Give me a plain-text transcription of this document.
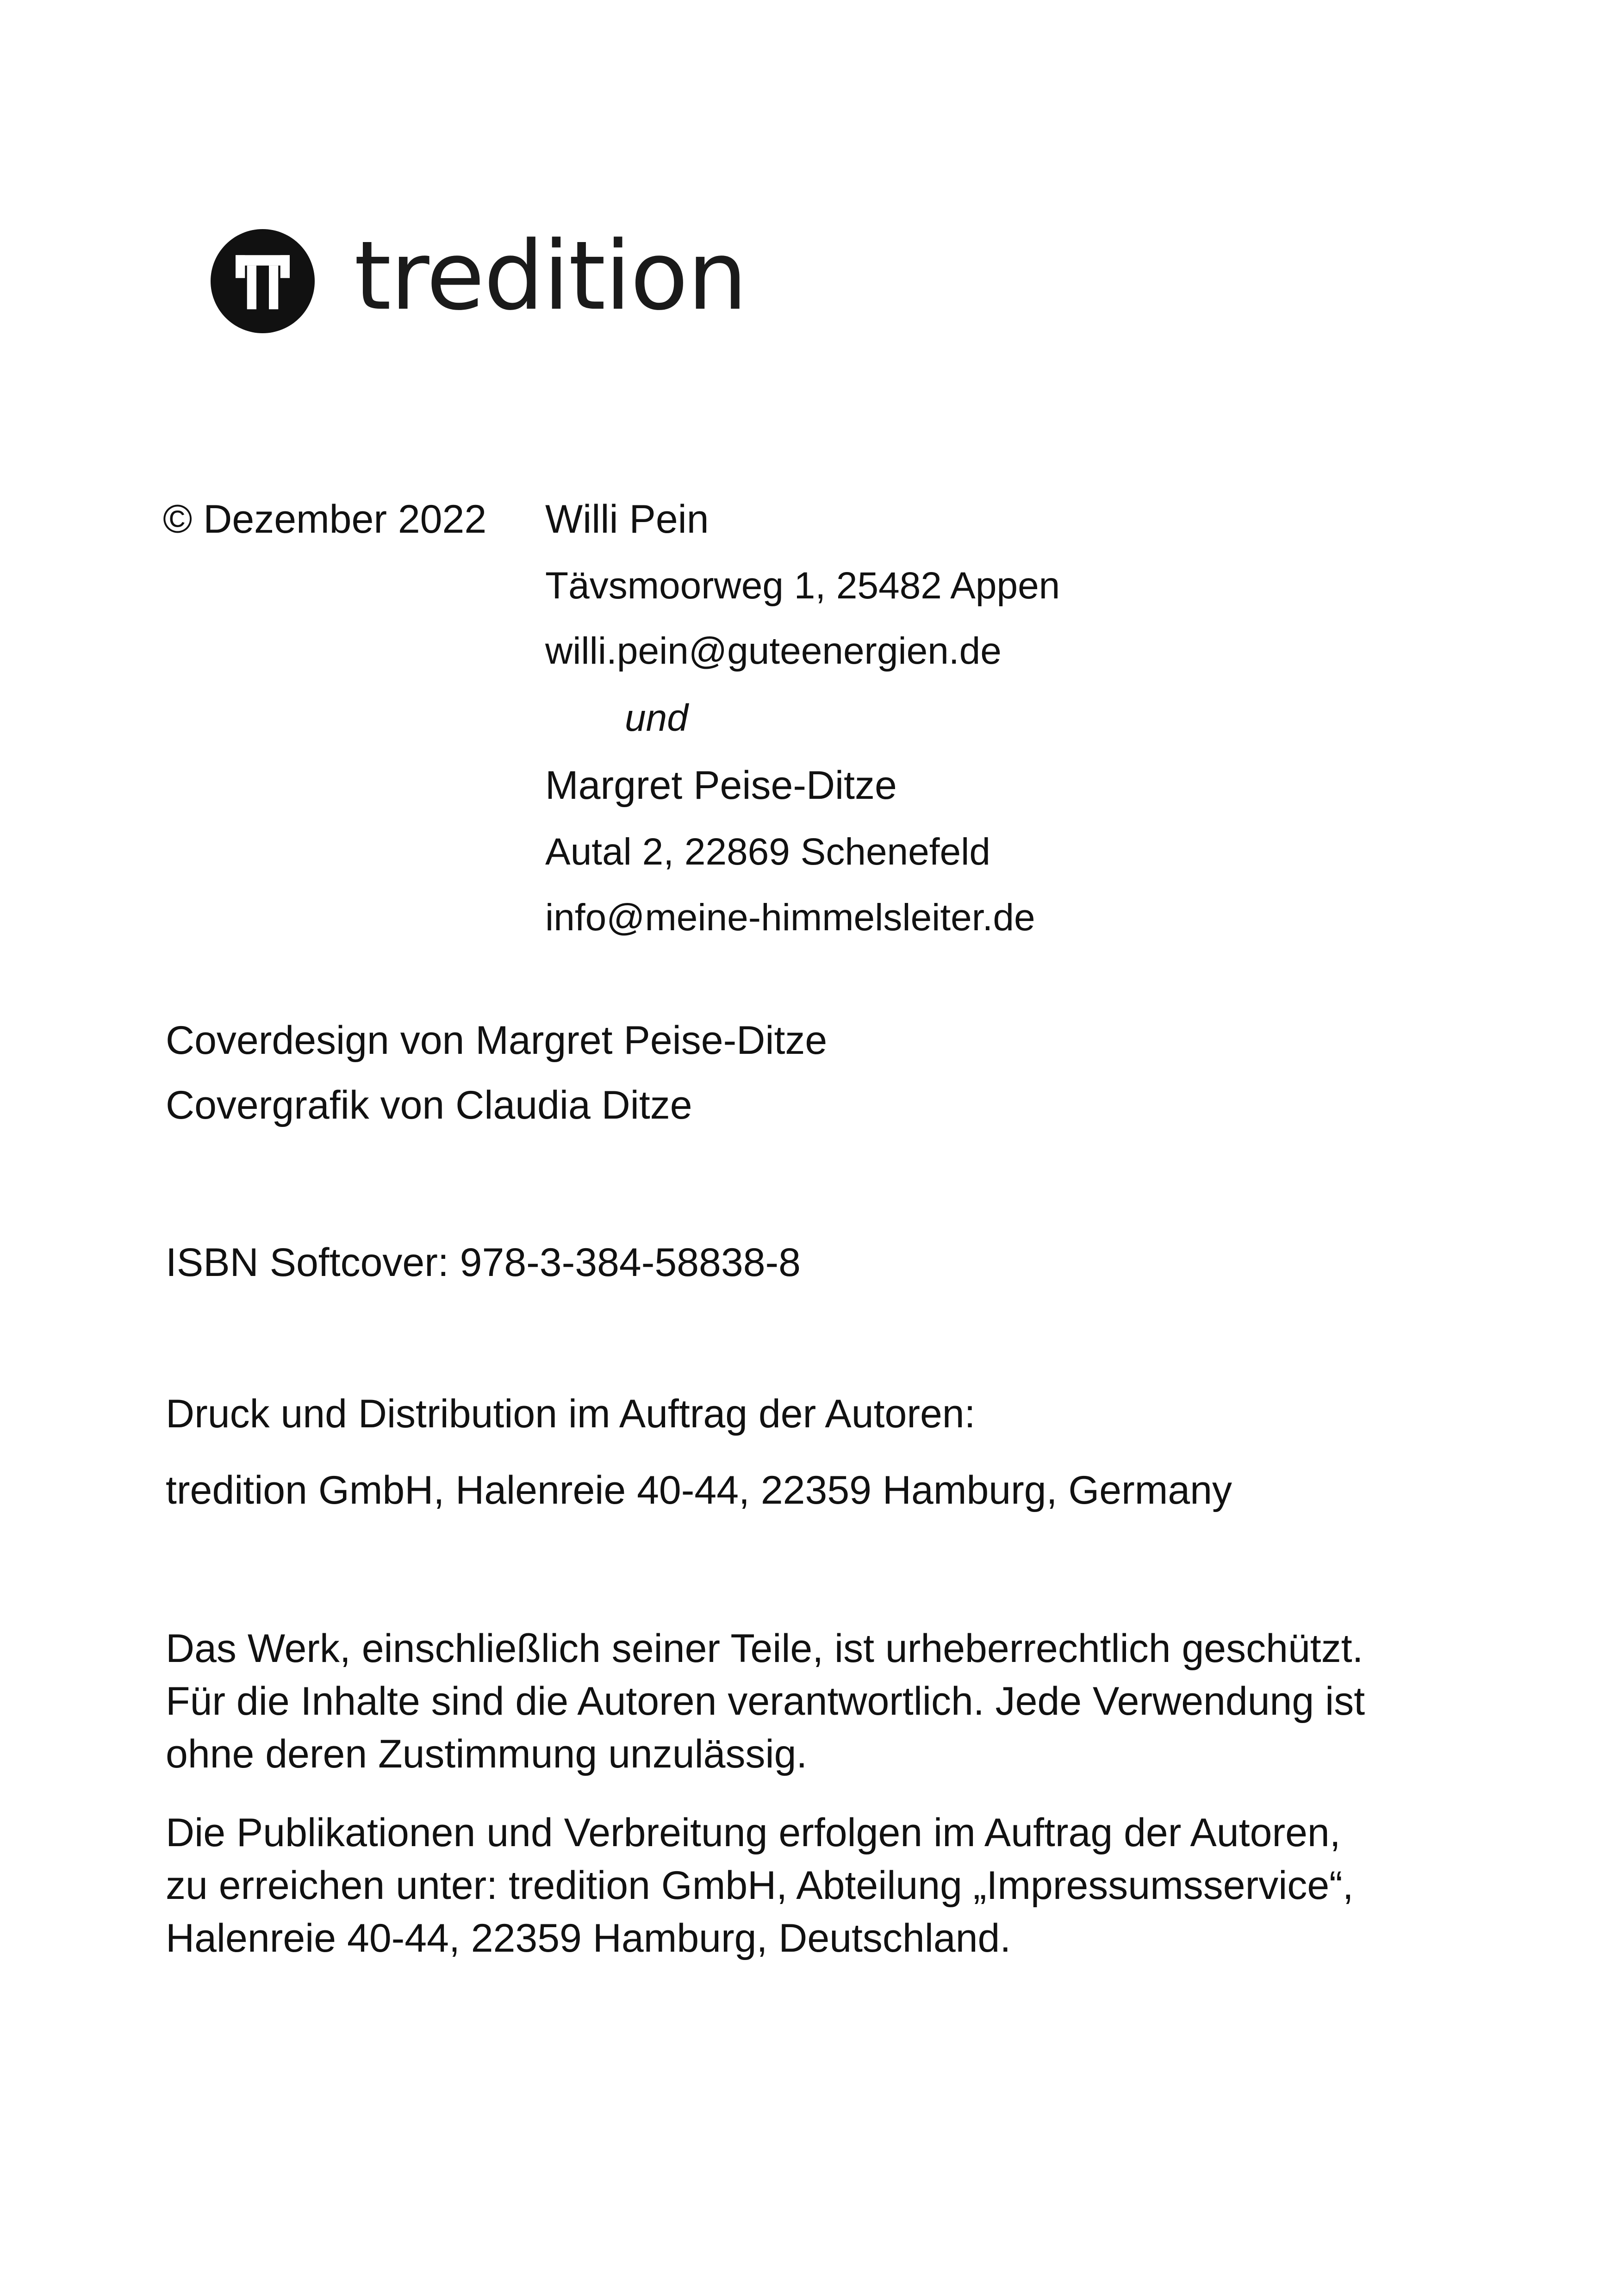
tredition
© Dezember 2022 Willi Pein
Tävsmoorweg 1, 25482 Appen
willi.pein@guteenergien.de
und
Margret Peise-Ditze
Autal 2, 22869 Schenefeld
info@meine-himmelsleiter.de
Coverdesign von Margret Peise-Ditze
Covergrafik von Claudia Ditze
ISBN Softcover: 978-3-384-58838-8
Druck und Distribution im Auftrag der Autoren:
tredition GmbH, Halenreie 40-44, 22359 Hamburg, Germany
Das Werk, einschließlich seiner Teile, ist urheberrechtlich geschützt.
Für die Inhalte sind die Autoren verantwortlich. Jede Verwendung ist
ohne deren Zustimmung unzulässig.
Die Publikationen und Verbreitung erfolgen im Auftrag der Autoren,
zu erreichen unter: tredition GmbH, Abteilung „Impressumsservice“,
Halenreie 40-44, 22359 Hamburg, Deutschland.
